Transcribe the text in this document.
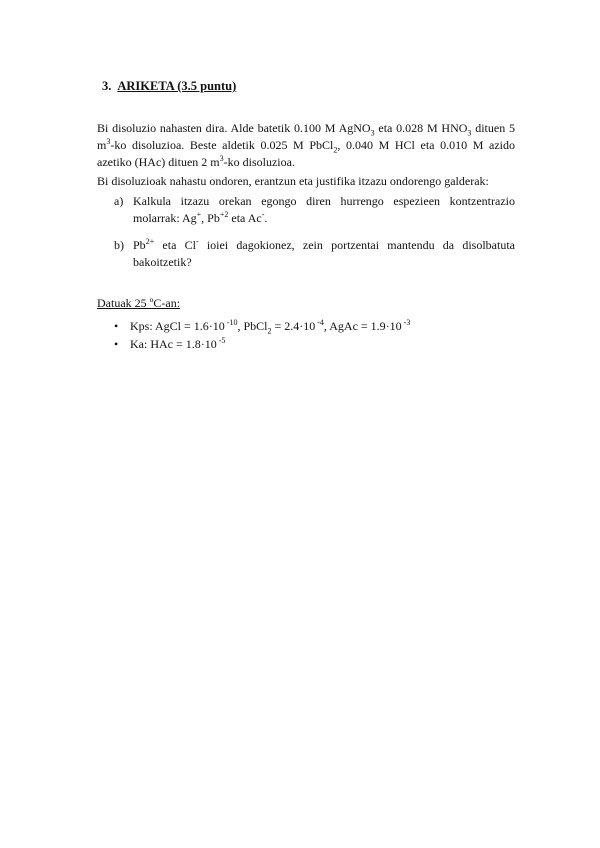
3. ARIKETA (3.5 puntu)
Bi disoluzio nahasten dira. Alde batetik 0.100 M AgNO$_3$ eta 0.028 M $HNO_3$ dituen 5 $m^3-ko$ disoluzioa. Beste aldetik 0.025 M PbCl$_2$, 0.040 M HCl eta 0.010 M azido azetiko (HAc) dituen 2 $m^3-ko$ disoluzioa.
Bi disoluzioak nahastu ondoren, erantzun eta justifika itzazu ondorengo galderak:
a) Kalkula itzazu orekan egongo diren hurrengo espezieen kontzentrazio molarrak: Ag+, $Pb^{+2}$ eta Ac-.
b) $Pb^{2+}$ eta Cl- ioiei dagokionez, zein portzentai mantendu da disolbatuta bakoitzetik?
Datuak 25 ºC-an:
• Kps: AgCl = 1.6·10 $^{-10}$, PbCl$_2$ = 2.4·10 $^{-4}$, AgAc = 1.9·10 $^{-3}$
• Ka: HAc = 1.8·10 $^{-5}$
